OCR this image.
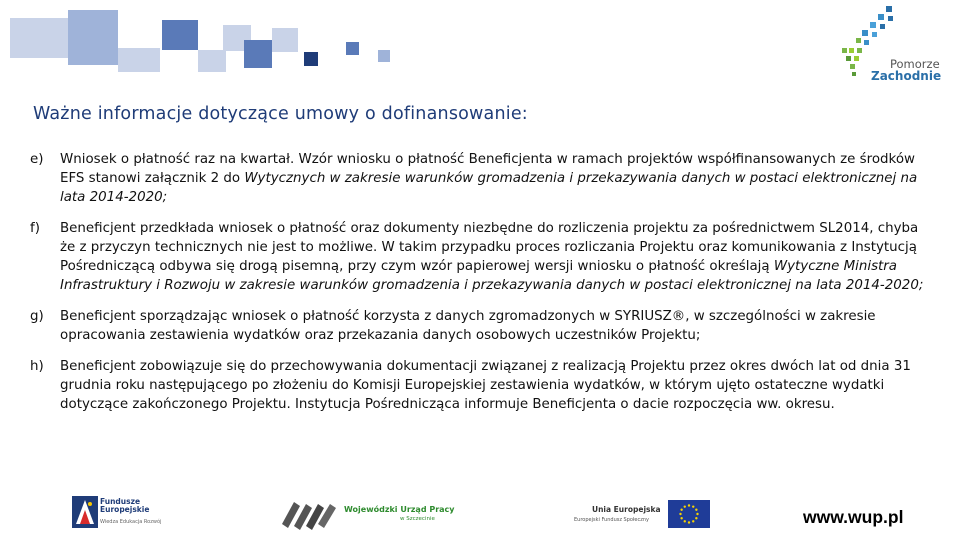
Pomorze
Zachodnie
Ważne informacje dotyczące umowy o dofinansowanie:
e)	Wniosek o płatność raz na kwartał. Wzór wniosku o płatność Beneficjenta w ramach projektów współfinansowanych ze środków EFS stanowi załącznik 2 do Wytycznych w zakresie warunków gromadzenia i przekazywania danych w postaci elektronicznej na lata 2014-2020;
f)	Beneficjent przedkłada wniosek o płatność oraz dokumenty niezbędne do rozliczenia projektu za pośrednictwem SL2014, chyba że z przyczyn technicznych nie jest to możliwe. W takim przypadku proces rozliczania Projektu oraz komunikowania z Instytucją Pośredniczącą odbywa się drogą pisemną, przy czym wzór papierowej wersji wniosku o płatność określają Wytyczne Ministra Infrastruktury i Rozwoju w zakresie warunków gromadzenia i przekazywania danych w postaci elektronicznej na lata 2014-2020;
g)	Beneficjent sporządzając wniosek o płatność korzysta z danych zgromadzonych w SYRIUSZ®, w szczególności w zakresie opracowania zestawienia wydatków oraz przekazania danych osobowych uczestników Projektu;
h)	Beneficjent zobowiązuje się do przechowywania dokumentacji związanej z realizacją Projektu przez okres dwóch lat od dnia 31 grudnia roku następującego po złożeniu do Komisji Europejskiej zestawienia wydatków, w którym ujęto ostateczne wydatki dotyczące zakończonego Projektu. Instytucja Pośrednicząca informuje Beneficjenta o dacie rozpoczęcia ww. okresu.
Fundusze
Europejskie
Wiedza Edukacja Rozwój
Wojewódzki Urząd Pracy
w Szczecinie
Unia Europejska
Europejski Fundusz Społeczny	www.wup.pl
